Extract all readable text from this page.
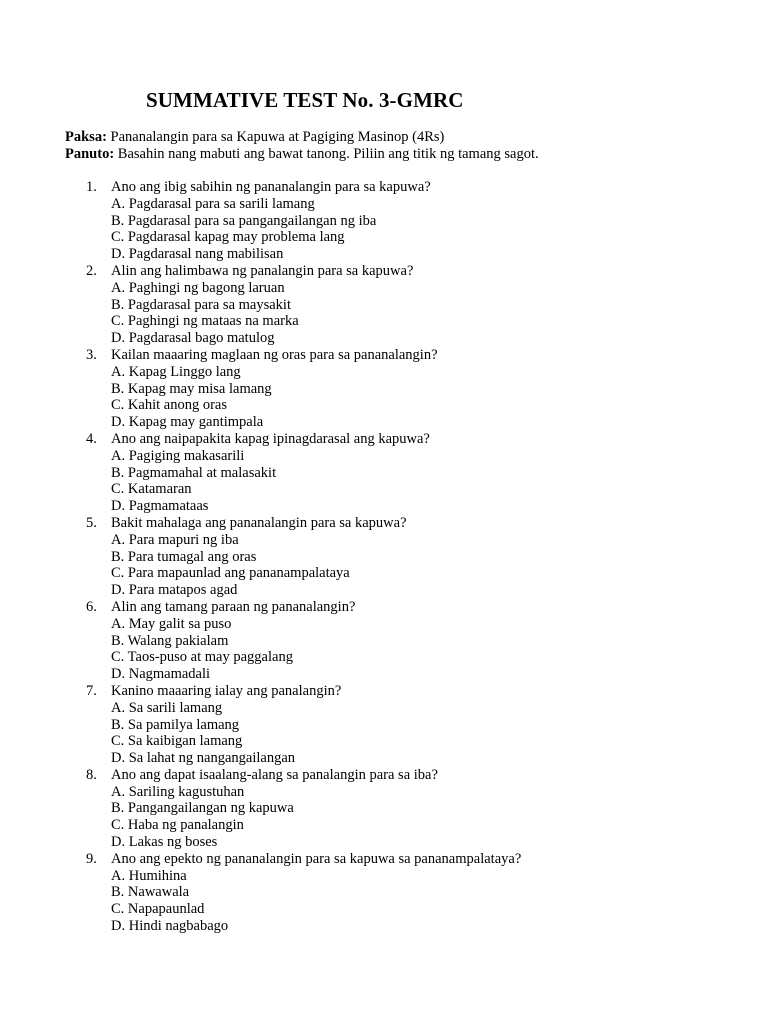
SUMMATIVE TEST No. 3-GMRC
Paksa: Pananalangin para sa Kapuwa at Pagiging Masinop (4Rs)
Panuto: Basahin nang mabuti ang bawat tanong. Piliin ang titik ng tamang sagot.
1. Ano ang ibig sabihin ng pananalangin para sa kapuwa?
A. Pagdarasal para sa sarili lamang
B. Pagdarasal para sa pangangailangan ng iba
C. Pagdarasal kapag may problema lang
D. Pagdarasal nang mabilisan
2. Alin ang halimbawa ng panalangin para sa kapuwa?
A. Paghingi ng bagong laruan
B. Pagdarasal para sa maysakit
C. Paghingi ng mataas na marka
D. Pagdarasal bago matulog
3. Kailan maaaring maglaan ng oras para sa pananalangin?
A. Kapag Linggo lang
B. Kapag may misa lamang
C. Kahit anong oras
D. Kapag may gantimpala
4. Ano ang naipapakita kapag ipinagdarasal ang kapuwa?
A. Pagiging makasarili
B. Pagmamahal at malasakit
C. Katamaran
D. Pagmamataas
5. Bakit mahalaga ang pananalangin para sa kapuwa?
A. Para mapuri ng iba
B. Para tumagal ang oras
C. Para mapaunlad ang pananampalataya
D. Para matapos agad
6. Alin ang tamang paraan ng pananalangin?
A. May galit sa puso
B. Walang pakialam
C. Taos-puso at may paggalang
D. Nagmamadali
7. Kanino maaaring ialay ang panalangin?
A. Sa sarili lamang
B. Sa pamilya lamang
C. Sa kaibigan lamang
D. Sa lahat ng nangangailangan
8. Ano ang dapat isaalang-alang sa panalangin para sa iba?
A. Sariling kagustuhan
B. Pangangailangan ng kapuwa
C. Haba ng panalangin
D. Lakas ng boses
9. Ano ang epekto ng pananalangin para sa kapuwa sa pananampalataya?
A. Humihina
B. Nawawala
C. Napapaunlad
D. Hindi nagbabago
